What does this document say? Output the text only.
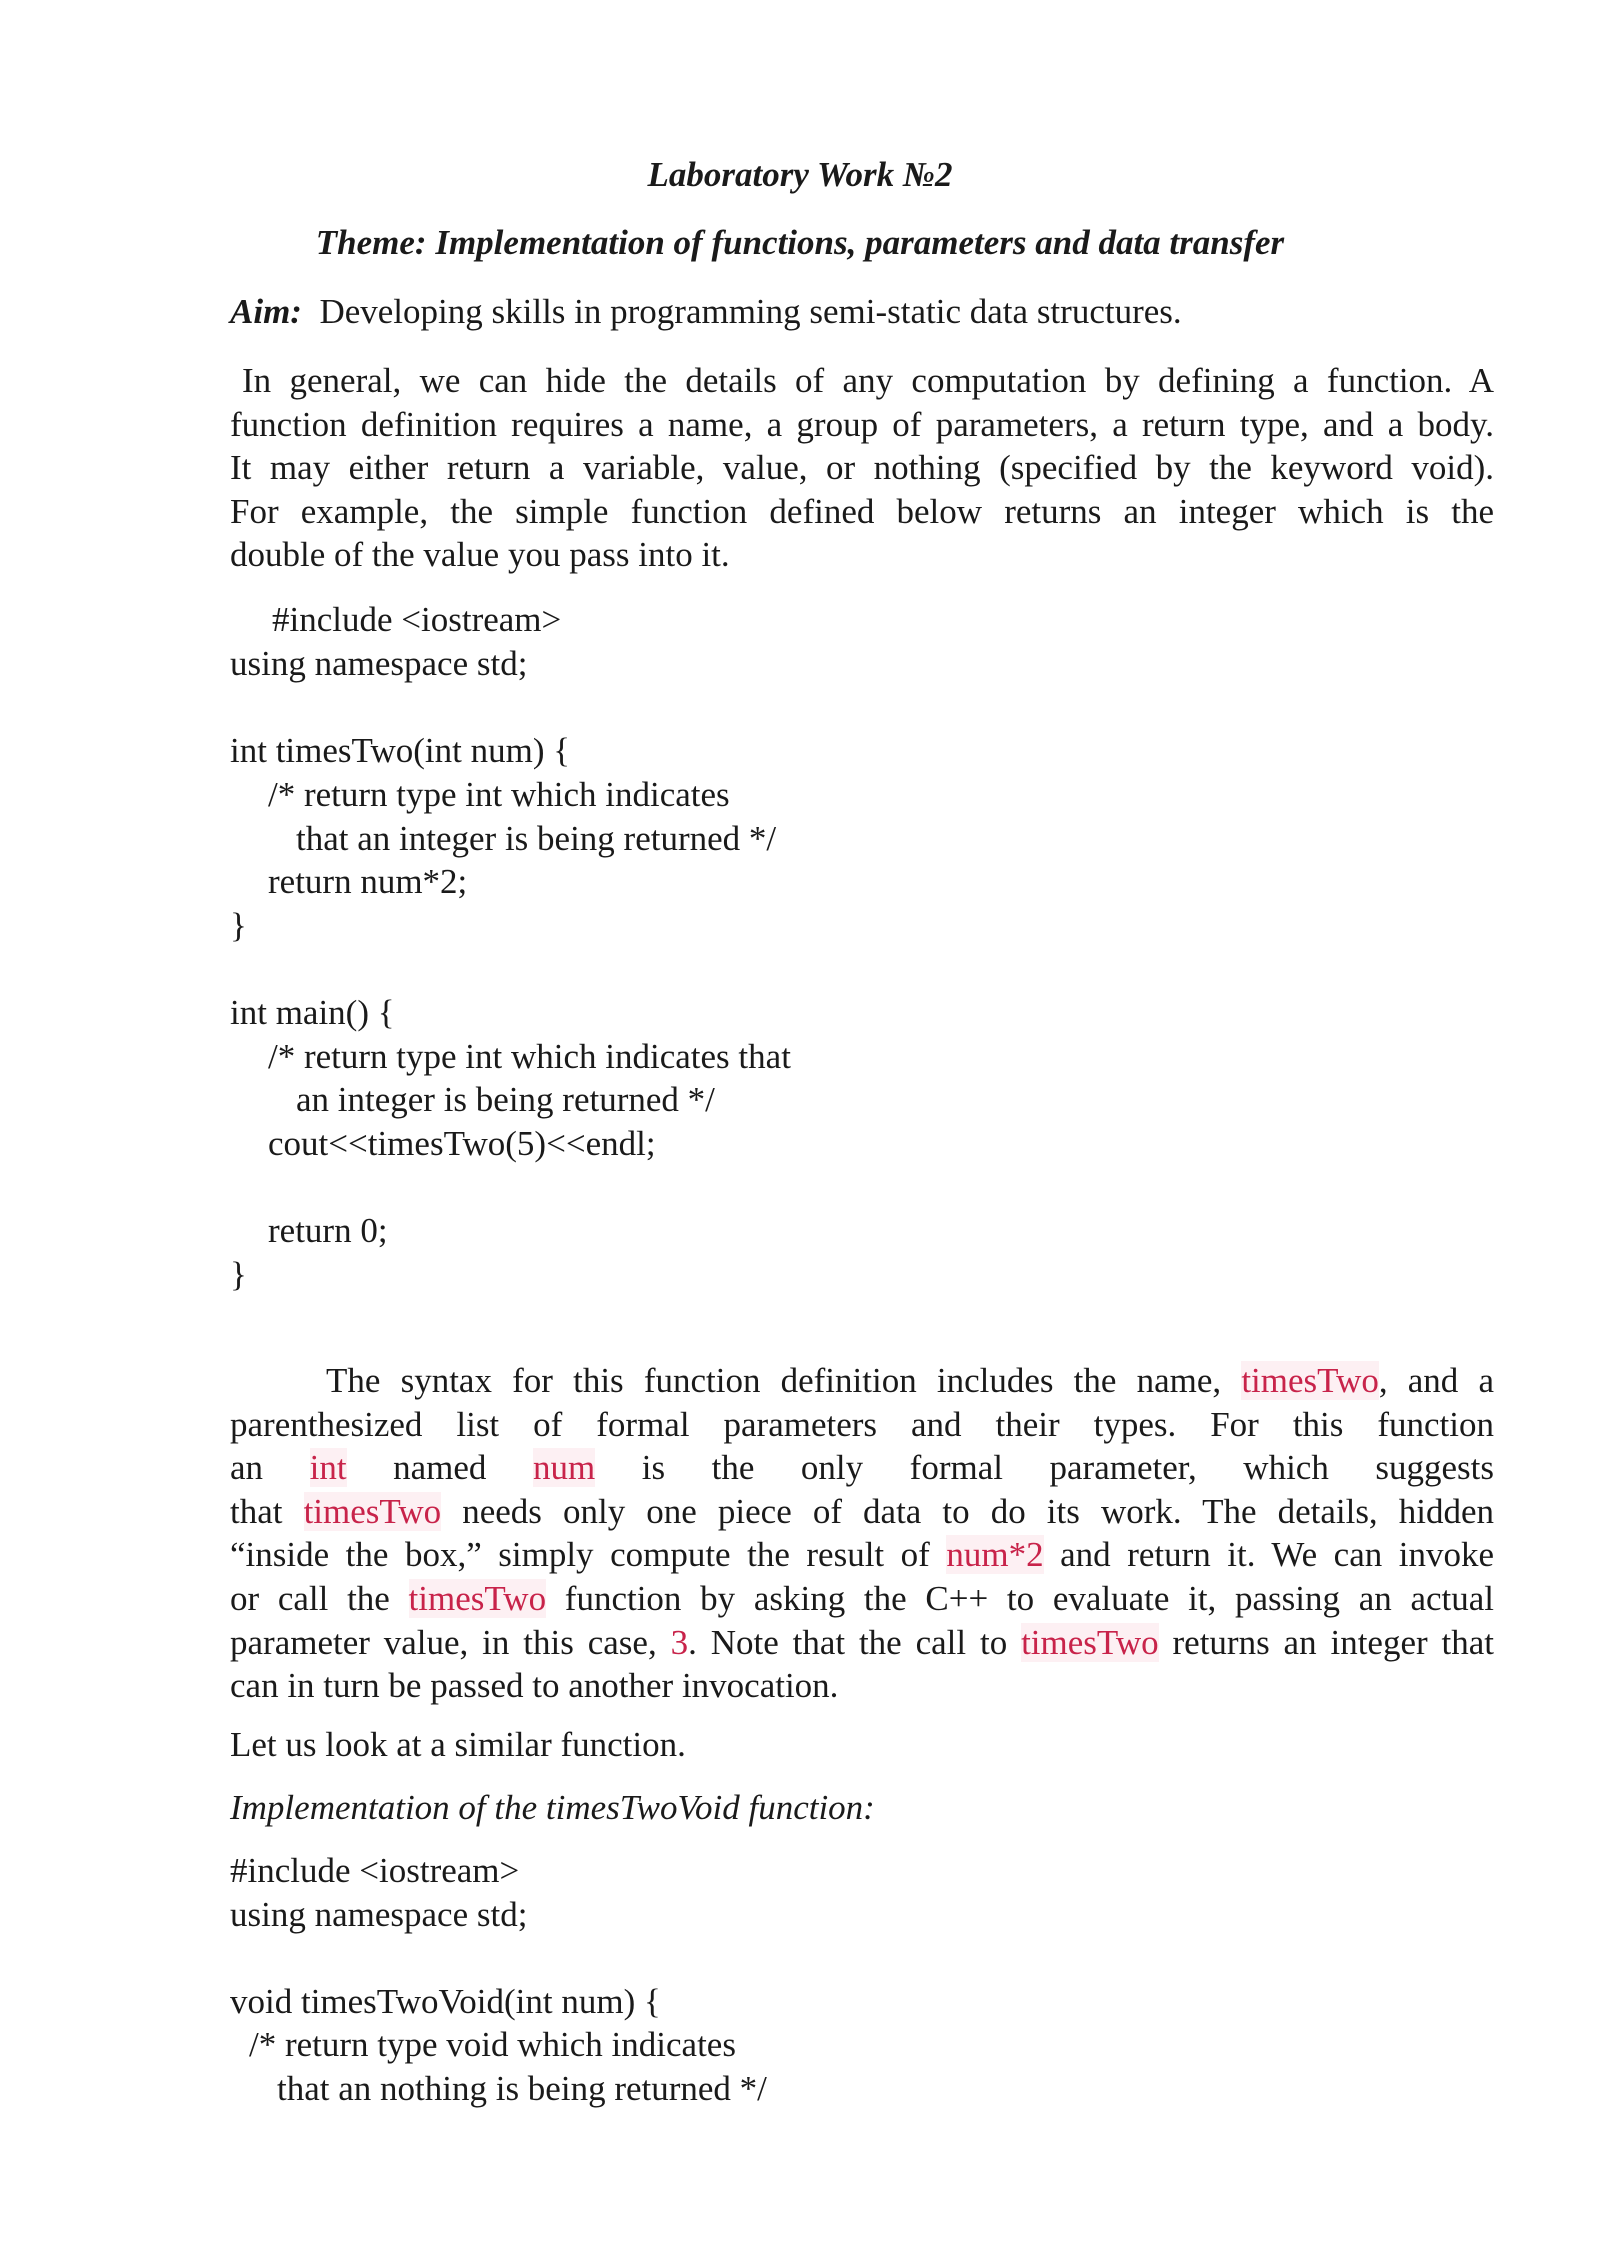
Laboratory Work №2
Theme: Implementation of functions, parameters and data transfer
Aim: Developing skills in programming semi-static data structures.
In general, we can hide the details of any computation by defining a function. A
function definition requires a name, a group of parameters, a return type, and a body.
It may either return a variable, value, or nothing (specified by the keyword void).
For example, the simple function defined below returns an integer which is the
double of the value you pass into it.
#include <iostream>
using namespace std;
int timesTwo(int num) {
/* return type int which indicates
that an integer is being returned */
return num*2;
}
int main() {
/* return type int which indicates that
an integer is being returned */
cout<<timesTwo(5)<<endl;
return 0;
}
The syntax for this function definition includes the name, timesTwo, and a
parenthesized list of formal parameters and their types. For this function
an int named num is the only formal parameter, which suggests
that timesTwo needs only one piece of data to do its work. The details, hidden
“inside the box,” simply compute the result of num*2 and return it. We can invoke
or call the timesTwo function by asking the C++ to evaluate it, passing an actual
parameter value, in this case, 3. Note that the call to timesTwo returns an integer that
can in turn be passed to another invocation.
Let us look at a similar function.
Implementation of the timesTwoVoid function:
#include <iostream>
using namespace std;
void timesTwoVoid(int num) {
/* return type void which indicates
that an nothing is being returned */
